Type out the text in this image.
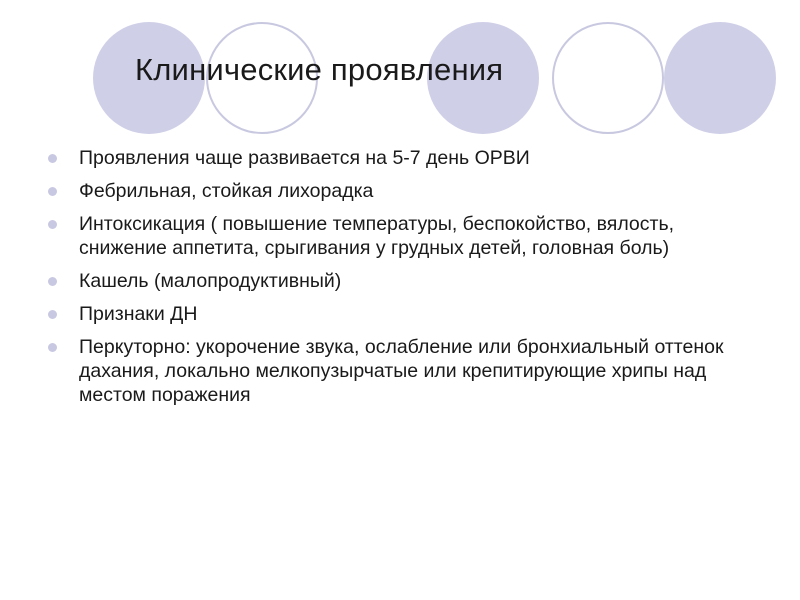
Клинические проявления
Проявления чаще развивается на 5-7 день ОРВИ
Фебрильная, стойкая лихорадка
Интоксикация ( повышение температуры, беспокойство, вялость, снижение аппетита, срыгивания у грудных детей, головная боль)
Кашель (малопродуктивный)
Признаки ДН
Перкуторно: укорочение звука, ослабление или бронхиальный оттенок дахания, локально мелкопузырчатые или крепитирующие хрипы над местом поражения
